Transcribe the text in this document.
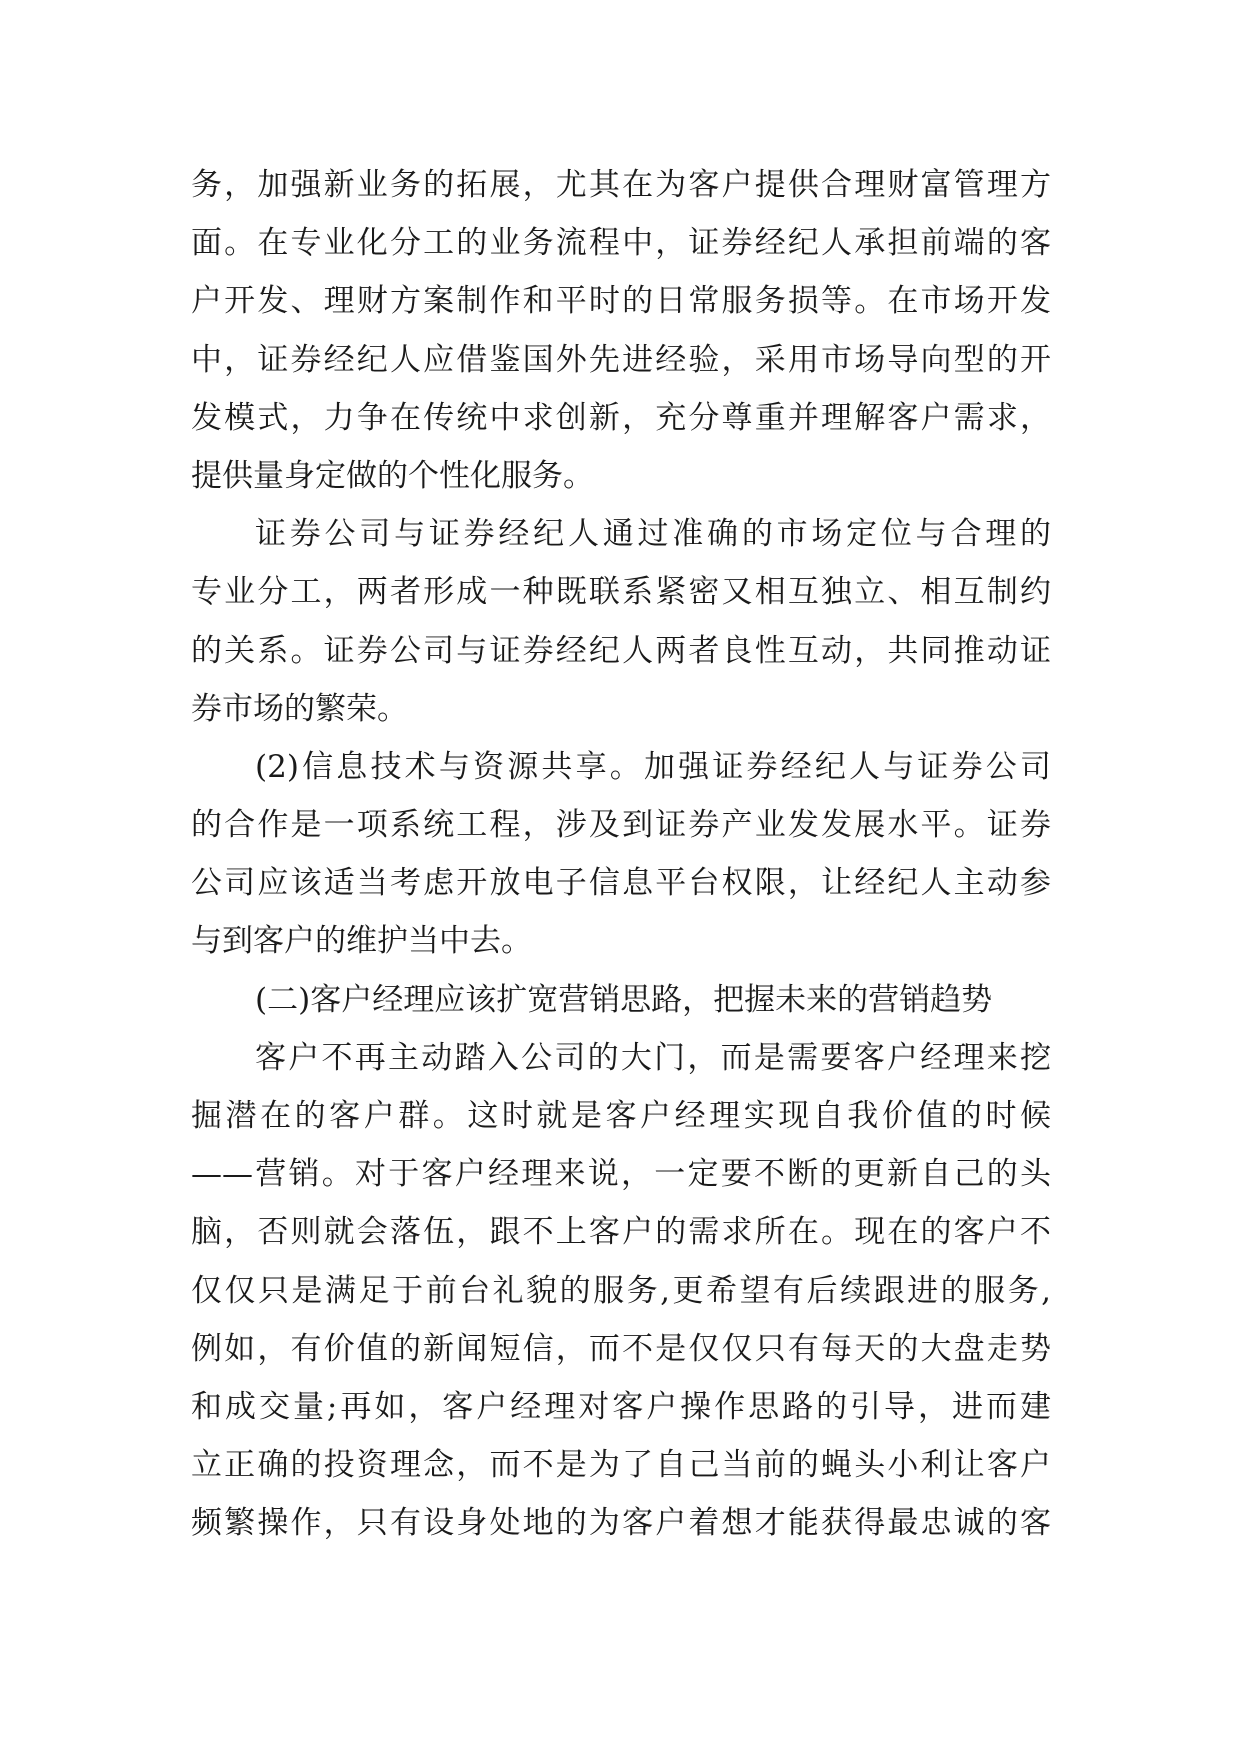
务，加强新业务的拓展，尤其在为客户提供合理财富管理方
面。在专业化分工的业务流程中，证券经纪人承担前端的客
户开发、理财方案制作和平时的日常服务损等。在市场开发
中，证券经纪人应借鉴国外先进经验，采用市场导向型的开
发模式，力争在传统中求创新，充分尊重并理解客户需求，
提供量身定做的个性化服务。
证券公司与证券经纪人通过准确的市场定位与合理的
专业分工，两者形成一种既联系紧密又相互独立、相互制约
的关系。证券公司与证券经纪人两者良性互动，共同推动证
券市场的繁荣。
(2)信息技术与资源共享。加强证券经纪人与证券公司
的合作是一项系统工程，涉及到证券产业发发展水平。证券
公司应该适当考虑开放电子信息平台权限，让经纪人主动参
与到客户的维护当中去。
(二)客户经理应该扩宽营销思路，把握未来的营销趋势
客户不再主动踏入公司的大门，而是需要客户经理来挖
掘潜在的客户群。这时就是客户经理实现自我价值的时候
——营销。对于客户经理来说，一定要不断的更新自己的头
脑，否则就会落伍，跟不上客户的需求所在。现在的客户不
仅仅只是满足于前台礼貌的服务,更希望有后续跟进的服务,
例如，有价值的新闻短信，而不是仅仅只有每天的大盘走势
和成交量;再如，客户经理对客户操作思路的引导，进而建
立正确的投资理念，而不是为了自己当前的蝇头小利让客户
频繁操作，只有设身处地的为客户着想才能获得最忠诚的客
